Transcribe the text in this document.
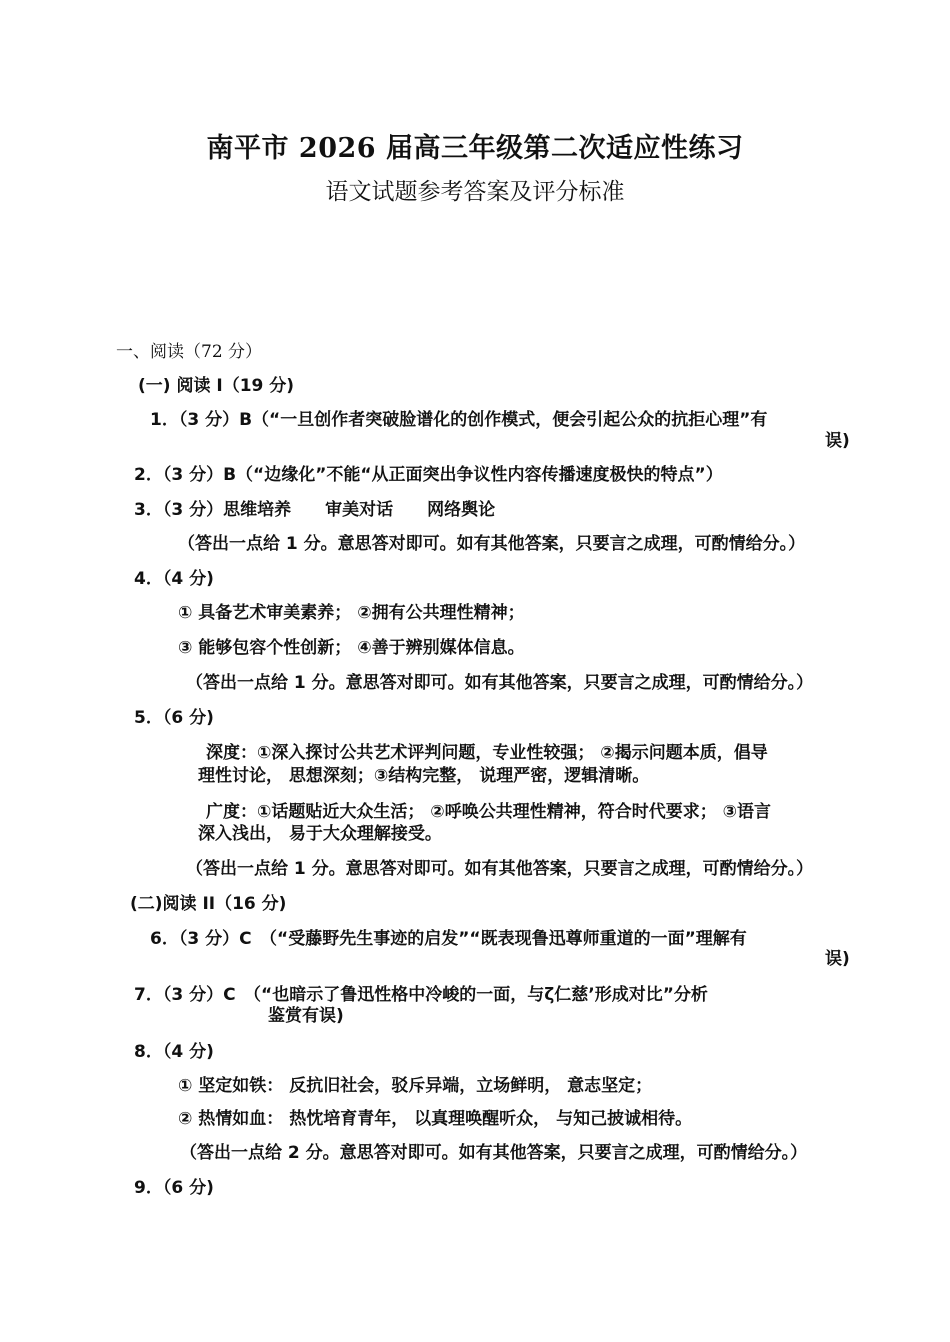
南平市 2026 届高三年级第二次适应性练习
语文试题参考答案及评分标准
一、阅读（72 分）
(一) 阅读 I（19 分)
1．（3 分）B（“一旦创作者突破脸谱化的创作模式，便会引起公众的抗拒心理”有
误)
2．（3 分）B（“边缘化”不能“从正面突出争议性内容传播速度极快的特点”）
3．（3 分）思维培养　　审美对话　　网络舆论
（答出一点给 1 分。意思答对即可。如有其他答案，只要言之成理，可酌情给分。）
4．（4 分)
① 具备艺术审美素养； ②拥有公共理性精神；
③ 能够包容个性创新； ④善于辨别媒体信息。
（答出一点给 1 分。意思答对即可。如有其他答案，只要言之成理，可酌情给分。）
5．（6 分)
深度：①深入探讨公共艺术评判问题，专业性较强； ②揭示问题本质，倡导
理性讨论， 思想深刻；③结构完整， 说理严密，逻辑清晰。
广度：①话题贴近大众生活； ②呼唤公共理性精神，符合时代要求； ③语言
深入浅出， 易于大众理解接受。
（答出一点给 1 分。意思答对即可。如有其他答案，只要言之成理，可酌情给分。）
(二)阅读 II（16 分)
6．（3 分）C　（“受藤野先生事迹的启发”“既表现鲁迅尊师重道的一面”理解有
误)
7．（3 分）C　（“也暗示了鲁迅性格中冷峻的一面，与ζ仁慈’形成对比”分析
鉴赏有误)
8．（4 分)
① 坚定如铁： 反抗旧社会，驳斥异端，立场鲜明， 意志坚定；
② 热情如血： 热忱培育青年， 以真理唤醒听众， 与知己披诚相待。
（答出一点给 2 分。意思答对即可。如有其他答案，只要言之成理，可酌情给分。）
9．（6 分)
